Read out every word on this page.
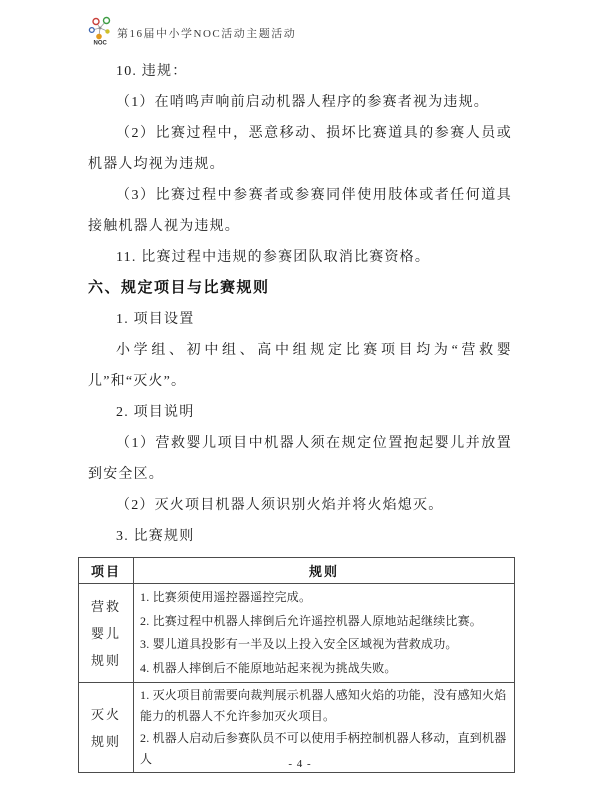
NOC
第16届中小学NOC活动主题活动

10. 违规：

（1）在哨鸣声响前启动机器人程序的参赛者视为违规。

（2）比赛过程中，恶意移动、损坏比赛道具的参赛人员或机器人均视为违规。

（3）比赛过程中参赛者或参赛同伴使用肢体或者任何道具接触机器人视为违规。

11. 比赛过程中违规的参赛团队取消比赛资格。

六、规定项目与比赛规则

1. 项目设置

小学组、初中组、高中组规定比赛项目均为“营救婴儿”和“灭火”。

2. 项目说明

（1）营救婴儿项目中机器人须在规定位置抱起婴儿并放置到安全区。

（2）灭火项目机器人须识别火焰并将火焰熄灭。

3. 比赛规则

项目	规则
营救婴儿规则	1. 比赛须使用遥控器遥控完成。

2. 比赛过程中机器人摔倒后允许遥控机器人原地站起继续比赛。

3. 婴儿道具投影有一半及以上投入安全区域视为营救成功。

4. 机器人摔倒后不能原地站起来视为挑战失败。

灭火规则	1. 灭火项目前需要向裁判展示机器人感知火焰的功能，没有感知火焰能力的机器人不允许参加灭火项目。

2. 机器人启动后参赛队员不可以使用手柄控制机器人移动，直到机器人	- 4 -
